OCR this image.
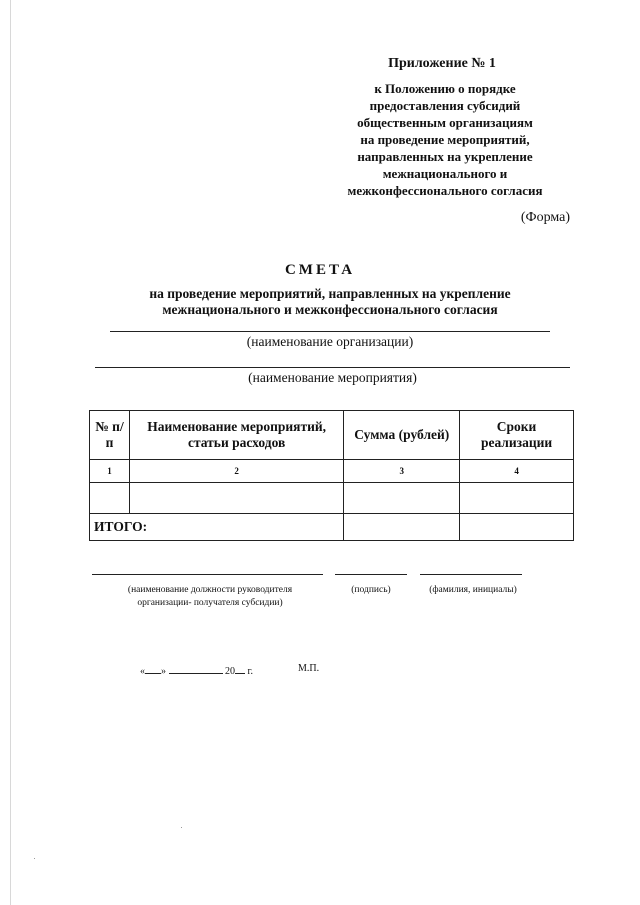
Приложение № 1
к Положению о порядке
предоставления субсидий
общественным организациям
на проведение мероприятий,
направленных на укрепление
межнационального и
межконфессионального согласия
(Форма)
СМЕТА
на проведение мероприятий, направленных на укрепление
межнационального и межконфессионального согласия
(наименование организации)
(наименование мероприятия)
№ п/п	Наименование мероприятий, статьи расходов	Сумма (рублей)	Сроки реализации
1	2	3	4

ИТОГО:			
(наименование должности руководителя организации- получателя субсидии)
(подпись)	(фамилия, инициалы)
« »	20 г.	М.П.
